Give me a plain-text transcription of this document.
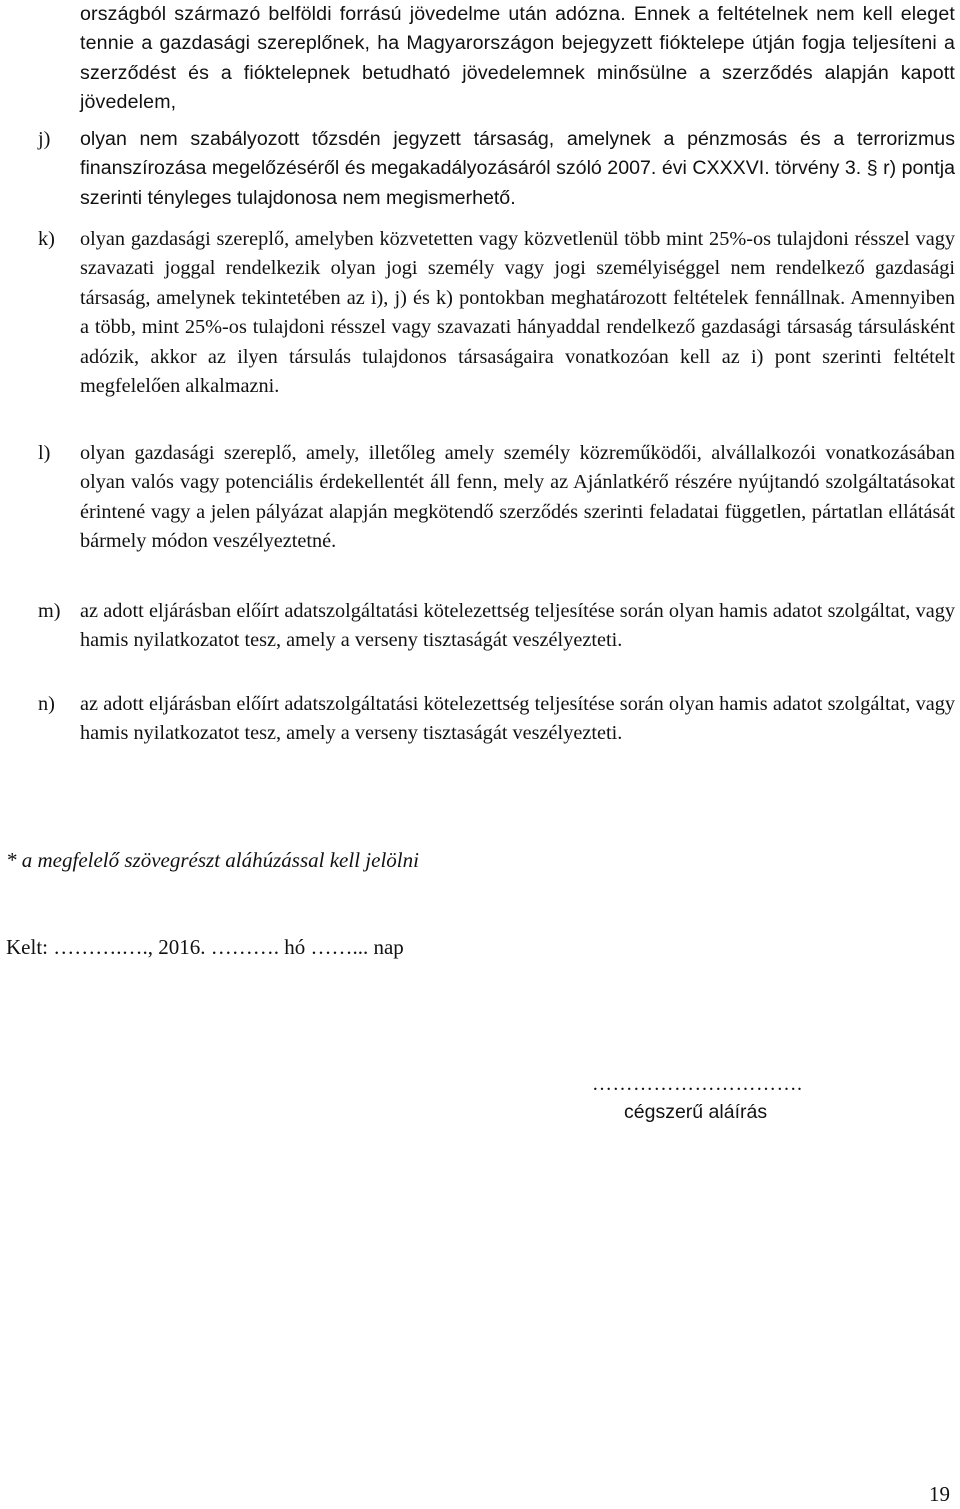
országból származó belföldi forrású jövedelme után adózna. Ennek a feltételnek nem kell eleget tennie a gazdasági szereplőnek, ha Magyarországon bejegyzett fióktelepe útján fogja teljesíteni a szerződést és a fióktelepnek betudható jövedelemnek minősülne a szerződés alapján kapott jövedelem,

j) olyan nem szabályozott tőzsdén jegyzett társaság, amelynek a pénzmosás és a terrorizmus finanszírozása megelőzéséről és megakadályozásáról szóló 2007. évi CXXXVI. törvény 3. § r) pontja szerinti tényleges tulajdonosa nem megismerhető.

k) olyan gazdasági szereplő, amelyben közvetetten vagy közvetlenül több mint 25%-os tulajdoni résszel vagy szavazati joggal rendelkezik olyan jogi személy vagy jogi személyiséggel nem rendelkező gazdasági társaság, amelynek tekintetében az i), j) és k) pontokban meghatározott feltételek fennállnak. Amennyiben a több, mint 25%-os tulajdoni résszel vagy szavazati hányaddal rendelkező gazdasági társaság társulásként adózik, akkor az ilyen társulás tulajdonos társaságaira vonatkozóan kell az i) pont szerinti feltételt megfelelően alkalmazni.

l) olyan gazdasági szereplő, amely, illetőleg amely személy közreműködői, alvállalkozói vonatkozásában olyan valós vagy potenciális érdekellentét áll fenn, mely az Ajánlatkérő részére nyújtandó szolgáltatásokat érintené vagy a jelen pályázat alapján megkötendő szerződés szerinti feladatai független, pártatlan ellátását bármely módon veszélyeztetné.

m) az adott eljárásban előírt adatszolgáltatási kötelezettség teljesítése során olyan hamis adatot szolgáltat, vagy hamis nyilatkozatot tesz, amely a verseny tisztaságát veszélyezteti.

n) az adott eljárásban előírt adatszolgáltatási kötelezettség teljesítése során olyan hamis adatot szolgáltat, vagy hamis nyilatkozatot tesz, amely a verseny tisztaságát veszélyezteti.

* a megfelelő szövegrészt aláhúzással kell jelölni
Kelt: ……….…., 2016. ………. hó ……... nap
………………………….
cégszerű aláírás
19
